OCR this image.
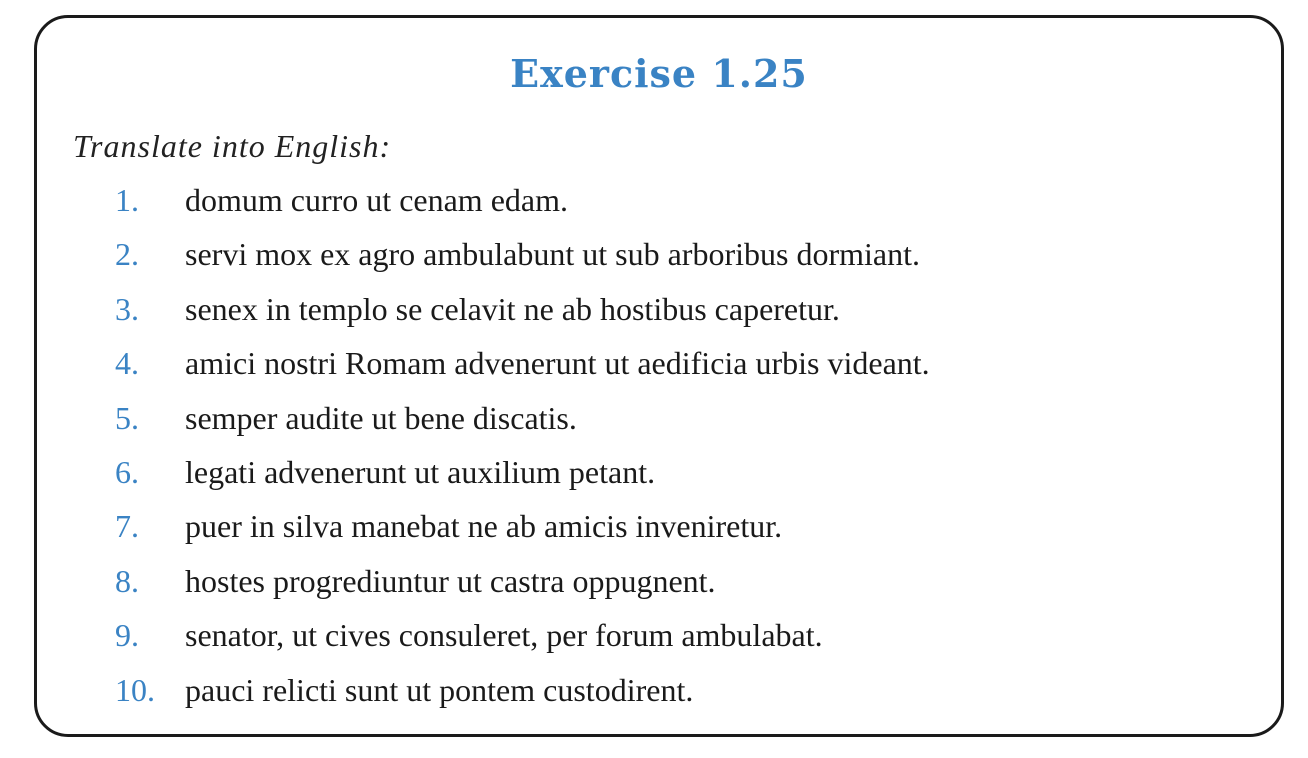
Exercise 1.25
Translate into English:
1. domum curro ut cenam edam.
2. servi mox ex agro ambulabunt ut sub arboribus dormiant.
3. senex in templo se celavit ne ab hostibus caperetur.
4. amici nostri Romam advenerunt ut aedificia urbis videant.
5. semper audite ut bene discatis.
6. legati advenerunt ut auxilium petant.
7. puer in silva manebat ne ab amicis inveniretur.
8. hostes progrediuntur ut castra oppugnent.
9. senator, ut cives consuleret, per forum ambulabat.
10. pauci relicti sunt ut pontem custodirent.
